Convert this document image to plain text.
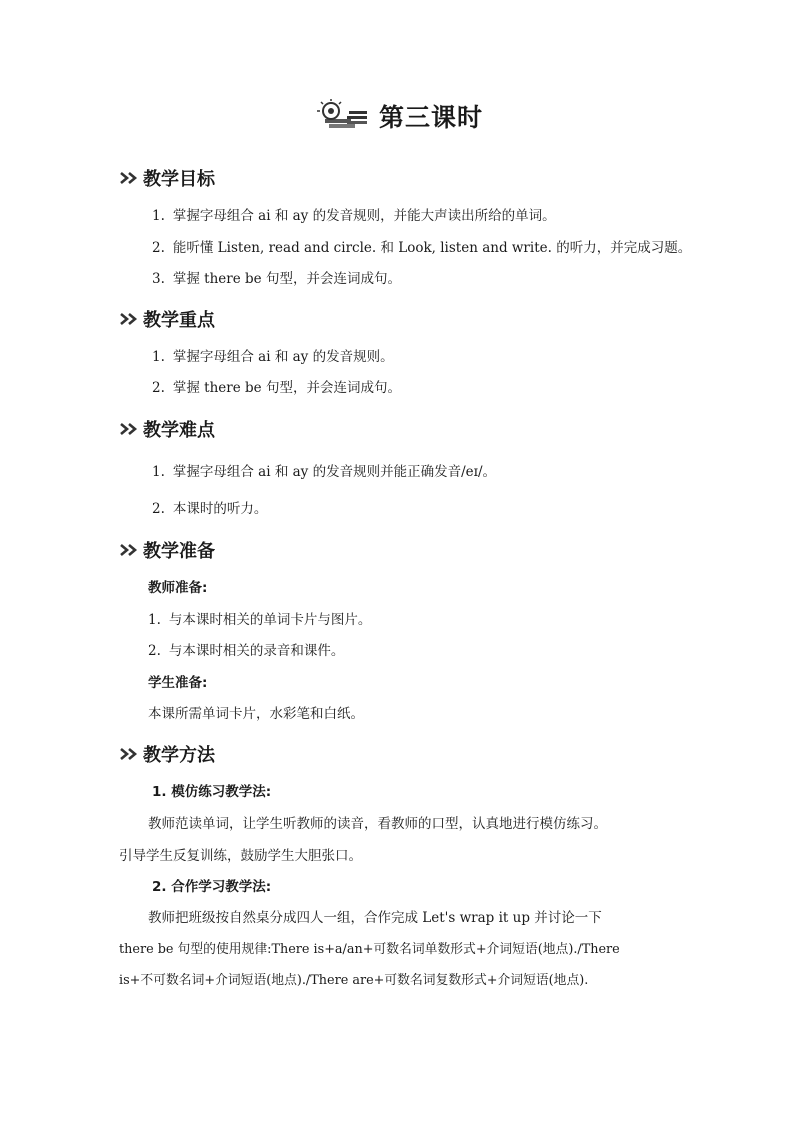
第三课时
教学目标
1. 掌握字母组合 ai 和 ay 的发音规则，并能大声读出所给的单词。
2. 能听懂 Listen, read and circle. 和 Look, listen and write. 的听力，并完成习题。
3. 掌握 there be 句型，并会连词成句。
教学重点
1. 掌握字母组合 ai 和 ay 的发音规则。
2. 掌握 there be 句型，并会连词成句。
教学难点
1. 掌握字母组合 ai 和 ay 的发音规则并能正确发音/eɪ/。
2. 本课时的听力。
教学准备
教师准备:
1. 与本课时相关的单词卡片与图片。
2. 与本课时相关的录音和课件。
学生准备:
本课所需单词卡片，水彩笔和白纸。
教学方法
1. 模仿练习教学法:
教师范读单词，让学生听教师的读音，看教师的口型，认真地进行模仿练习。
引导学生反复训练，鼓励学生大胆张口。
2. 合作学习教学法:
教师把班级按自然桌分成四人一组，合作完成 Let's wrap it up 并讨论一下
there be 句型的使用规律:There is+a/an+可数名词单数形式+介词短语(地点)./There
is+不可数名词+介词短语(地点)./There are+可数名词复数形式+介词短语(地点).
